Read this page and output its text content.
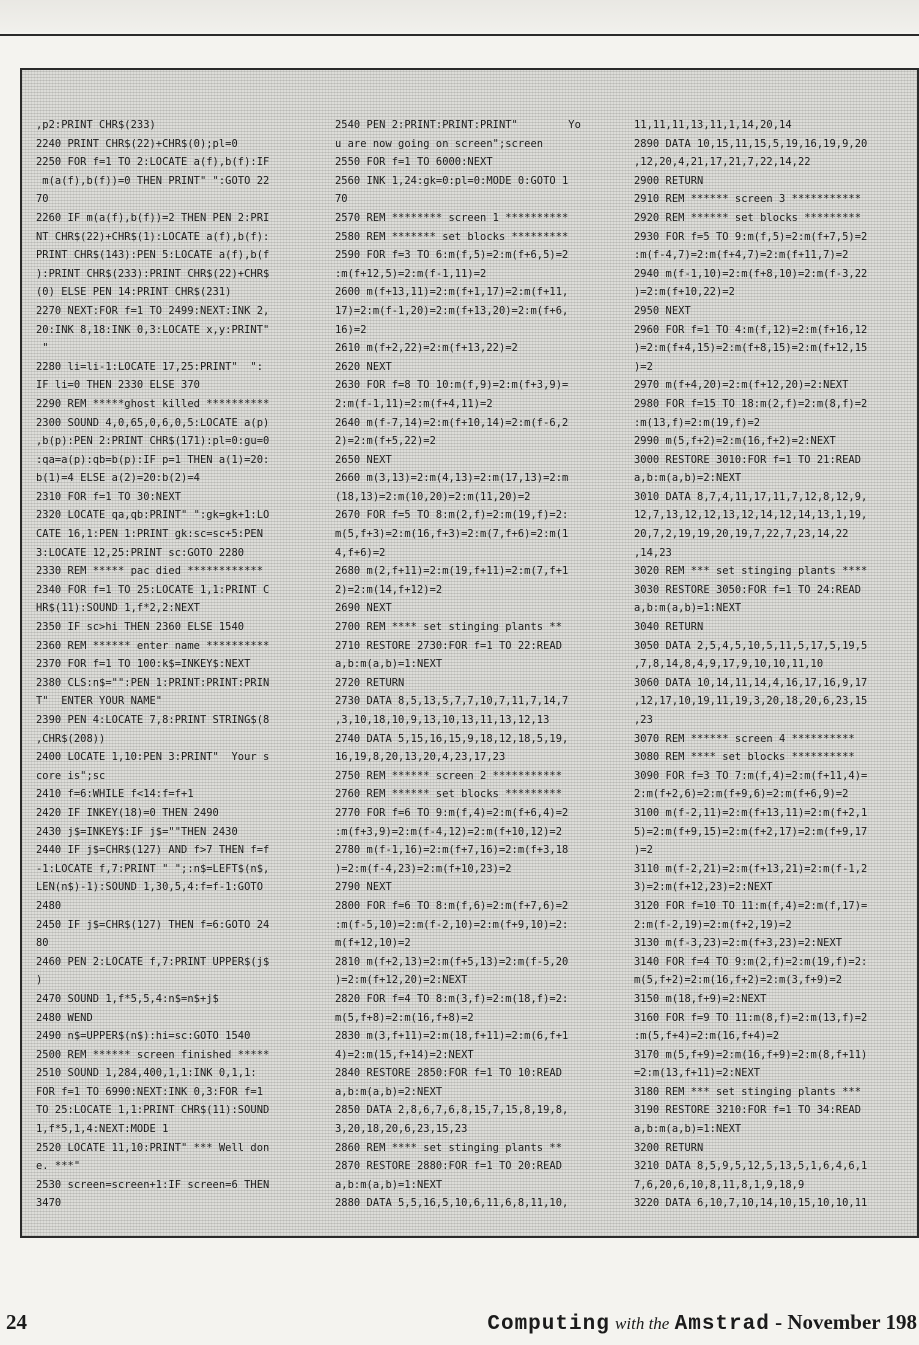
,p2:PRINT CHR$(233)
2240 PRINT CHR$(22)+CHR$(0);pl=0
2250 FOR f=1 TO 2:LOCATE a(f),b(f):IF
m(a(f),b(f))=0 THEN PRINT" ":GOTO 22
70
2260 IF m(a(f),b(f))=2 THEN PEN 2:PRI
NT CHR$(22)+CHR$(1):LOCATE a(f),b(f):
PRINT CHR$(143):PEN 5:LOCATE a(f),b(f
):PRINT CHR$(233):PRINT CHR$(22)+CHR$
(0) ELSE PEN 14:PRINT CHR$(231)
2270 NEXT:FOR f=1 TO 2499:NEXT:INK 2,
20:INK 8,18:INK 0,3:LOCATE x,y:PRINT"
"
2280 li=li-1:LOCATE 17,25:PRINT"  ":
IF li=0 THEN 2330 ELSE 370
2290 REM *****ghost killed **********
2300 SOUND 4,0,65,0,6,0,5:LOCATE a(p)
,b(p):PEN 2:PRINT CHR$(171):pl=0:gu=0
:qa=a(p):qb=b(p):IF p=1 THEN a(1)=20:
b(1)=4 ELSE a(2)=20:b(2)=4
2310 FOR f=1 TO 30:NEXT
2320 LOCATE qa,qb:PRINT" ":gk=gk+1:LO
CATE 16,1:PEN 1:PRINT gk:sc=sc+5:PEN
3:LOCATE 12,25:PRINT sc:GOTO 2280
2330 REM ***** pac died ************
2340 FOR f=1 TO 25:LOCATE 1,1:PRINT C
HR$(11):SOUND 1,f*2,2:NEXT
2350 IF sc>hi THEN 2360 ELSE 1540
2360 REM ****** enter name **********
2370 FOR f=1 TO 100:k$=INKEY$:NEXT
2380 CLS:n$="":PEN 1:PRINT:PRINT:PRIN
T"  ENTER YOUR NAME"
2390 PEN 4:LOCATE 7,8:PRINT STRING$(8
,CHR$(208))
2400 LOCATE 1,10:PEN 3:PRINT"  Your s
core is";sc
2410 f=6:WHILE f<14:f=f+1
2420 IF INKEY(18)=0 THEN 2490
2430 j$=INKEY$:IF j$=""THEN 2430
2440 IF j$=CHR$(127) AND f>7 THEN f=f
-1:LOCATE f,7:PRINT " ";:n$=LEFT$(n$,
LEN(n$)-1):SOUND 1,30,5,4:f=f-1:GOTO
2480
2450 IF j$=CHR$(127) THEN f=6:GOTO 24
80
2460 PEN 2:LOCATE f,7:PRINT UPPER$(j$
)
2470 SOUND 1,f*5,5,4:n$=n$+j$
2480 WEND
2490 n$=UPPER$(n$):hi=sc:GOTO 1540
2500 REM ****** screen finished *****
2510 SOUND 1,284,400,1,1:INK 0,1,1:
FOR f=1 TO 6990:NEXT:INK 0,3:FOR f=1
TO 25:LOCATE 1,1:PRINT CHR$(11):SOUND
1,f*5,1,4:NEXT:MODE 1
2520 LOCATE 11,10:PRINT" *** Well don
e. ***"
2530 screen=screen+1:IF screen=6 THEN
3470
2540 PEN 2:PRINT:PRINT:PRINT"        Yo
u are now going on screen";screen
2550 FOR f=1 TO 6000:NEXT
2560 INK 1,24:gk=0:pl=0:MODE 0:GOTO 1
70
2570 REM ******** screen 1 **********
2580 REM ******* set blocks *********
2590 FOR f=3 TO 6:m(f,5)=2:m(f+6,5)=2
:m(f+12,5)=2:m(f-1,11)=2
2600 m(f+13,11)=2:m(f+1,17)=2:m(f+11,
17)=2:m(f-1,20)=2:m(f+13,20)=2:m(f+6,
16)=2
2610 m(f+2,22)=2:m(f+13,22)=2
2620 NEXT
2630 FOR f=8 TO 10:m(f,9)=2:m(f+3,9)=
2:m(f-1,11)=2:m(f+4,11)=2
2640 m(f-7,14)=2:m(f+10,14)=2:m(f-6,2
2)=2:m(f+5,22)=2
2650 NEXT
2660 m(3,13)=2:m(4,13)=2:m(17,13)=2:m
(18,13)=2:m(10,20)=2:m(11,20)=2
2670 FOR f=5 TO 8:m(2,f)=2:m(19,f)=2:
m(5,f+3)=2:m(16,f+3)=2:m(7,f+6)=2:m(1
4,f+6)=2
2680 m(2,f+11)=2:m(19,f+11)=2:m(7,f+1
2)=2:m(14,f+12)=2
2690 NEXT
2700 REM **** set stinging plants **
2710 RESTORE 2730:FOR f=1 TO 22:READ
a,b:m(a,b)=1:NEXT
2720 RETURN
2730 DATA 8,5,13,5,7,7,10,7,11,7,14,7
,3,10,18,10,9,13,10,13,11,13,12,13
2740 DATA 5,15,16,15,9,18,12,18,5,19,
16,19,8,20,13,20,4,23,17,23
2750 REM ****** screen 2 ***********
2760 REM ****** set blocks *********
2770 FOR f=6 TO 9:m(f,4)=2:m(f+6,4)=2
:m(f+3,9)=2:m(f-4,12)=2:m(f+10,12)=2
2780 m(f-1,16)=2:m(f+7,16)=2:m(f+3,18
)=2:m(f-4,23)=2:m(f+10,23)=2
2790 NEXT
2800 FOR f=6 TO 8:m(f,6)=2:m(f+7,6)=2
:m(f-5,10)=2:m(f-2,10)=2:m(f+9,10)=2:
m(f+12,10)=2
2810 m(f+2,13)=2:m(f+5,13)=2:m(f-5,20
)=2:m(f+12,20)=2:NEXT
2820 FOR f=4 TO 8:m(3,f)=2:m(18,f)=2:
m(5,f+8)=2:m(16,f+8)=2
2830 m(3,f+11)=2:m(18,f+11)=2:m(6,f+1
4)=2:m(15,f+14)=2:NEXT
2840 RESTORE 2850:FOR f=1 TO 10:READ
a,b:m(a,b)=2:NEXT
2850 DATA 2,8,6,7,6,8,15,7,15,8,19,8,
3,20,18,20,6,23,15,23
2860 REM **** set stinging plants **
2870 RESTORE 2880:FOR f=1 TO 20:READ
a,b:m(a,b)=1:NEXT
2880 DATA 5,5,16,5,10,6,11,6,8,11,10,
11,11,11,13,11,1,14,20,14
2890 DATA 10,15,11,15,5,19,16,19,9,20
,12,20,4,21,17,21,7,22,14,22
2900 RETURN
2910 REM ****** screen 3 ***********
2920 REM ****** set blocks *********
2930 FOR f=5 TO 9:m(f,5)=2:m(f+7,5)=2
:m(f-4,7)=2:m(f+4,7)=2:m(f+11,7)=2
2940 m(f-1,10)=2:m(f+8,10)=2:m(f-3,22
)=2:m(f+10,22)=2
2950 NEXT
2960 FOR f=1 TO 4:m(f,12)=2:m(f+16,12
)=2:m(f+4,15)=2:m(f+8,15)=2:m(f+12,15
)=2
2970 m(f+4,20)=2:m(f+12,20)=2:NEXT
2980 FOR f=15 TO 18:m(2,f)=2:m(8,f)=2
:m(13,f)=2:m(19,f)=2
2990 m(5,f+2)=2:m(16,f+2)=2:NEXT
3000 RESTORE 3010:FOR f=1 TO 21:READ
a,b:m(a,b)=2:NEXT
3010 DATA 8,7,4,11,17,11,7,12,8,12,9,
12,7,13,12,12,13,12,14,12,14,13,1,19,
20,7,2,19,19,20,19,7,22,7,23,14,22
,14,23
3020 REM *** set stinging plants ****
3030 RESTORE 3050:FOR f=1 TO 24:READ
a,b:m(a,b)=1:NEXT
3040 RETURN
3050 DATA 2,5,4,5,10,5,11,5,17,5,19,5
,7,8,14,8,4,9,17,9,10,10,11,10
3060 DATA 10,14,11,14,4,16,17,16,9,17
,12,17,10,19,11,19,3,20,18,20,6,23,15
,23
3070 REM ****** screen 4 **********
3080 REM **** set blocks **********
3090 FOR f=3 TO 7:m(f,4)=2:m(f+11,4)=
2:m(f+2,6)=2:m(f+9,6)=2:m(f+6,9)=2
3100 m(f-2,11)=2:m(f+13,11)=2:m(f+2,1
5)=2:m(f+9,15)=2:m(f+2,17)=2:m(f+9,17
)=2
3110 m(f-2,21)=2:m(f+13,21)=2:m(f-1,2
3)=2:m(f+12,23)=2:NEXT
3120 FOR f=10 TO 11:m(f,4)=2:m(f,17)=
2:m(f-2,19)=2:m(f+2,19)=2
3130 m(f-3,23)=2:m(f+3,23)=2:NEXT
3140 FOR f=4 TO 9:m(2,f)=2:m(19,f)=2:
m(5,f+2)=2:m(16,f+2)=2:m(3,f+9)=2
3150 m(18,f+9)=2:NEXT
3160 FOR f=9 TO 11:m(8,f)=2:m(13,f)=2
:m(5,f+4)=2:m(16,f+4)=2
3170 m(5,f+9)=2:m(16,f+9)=2:m(8,f+11)
=2:m(13,f+11)=2:NEXT
3180 REM *** set stinging plants ***
3190 RESTORE 3210:FOR f=1 TO 34:READ
a,b:m(a,b)=1:NEXT
3200 RETURN
3210 DATA 8,5,9,5,12,5,13,5,1,6,4,6,1
7,6,20,6,10,8,11,8,1,9,18,9
3220 DATA 6,10,7,10,14,10,15,10,10,11
24	Computing with the Amstrad - November 198
